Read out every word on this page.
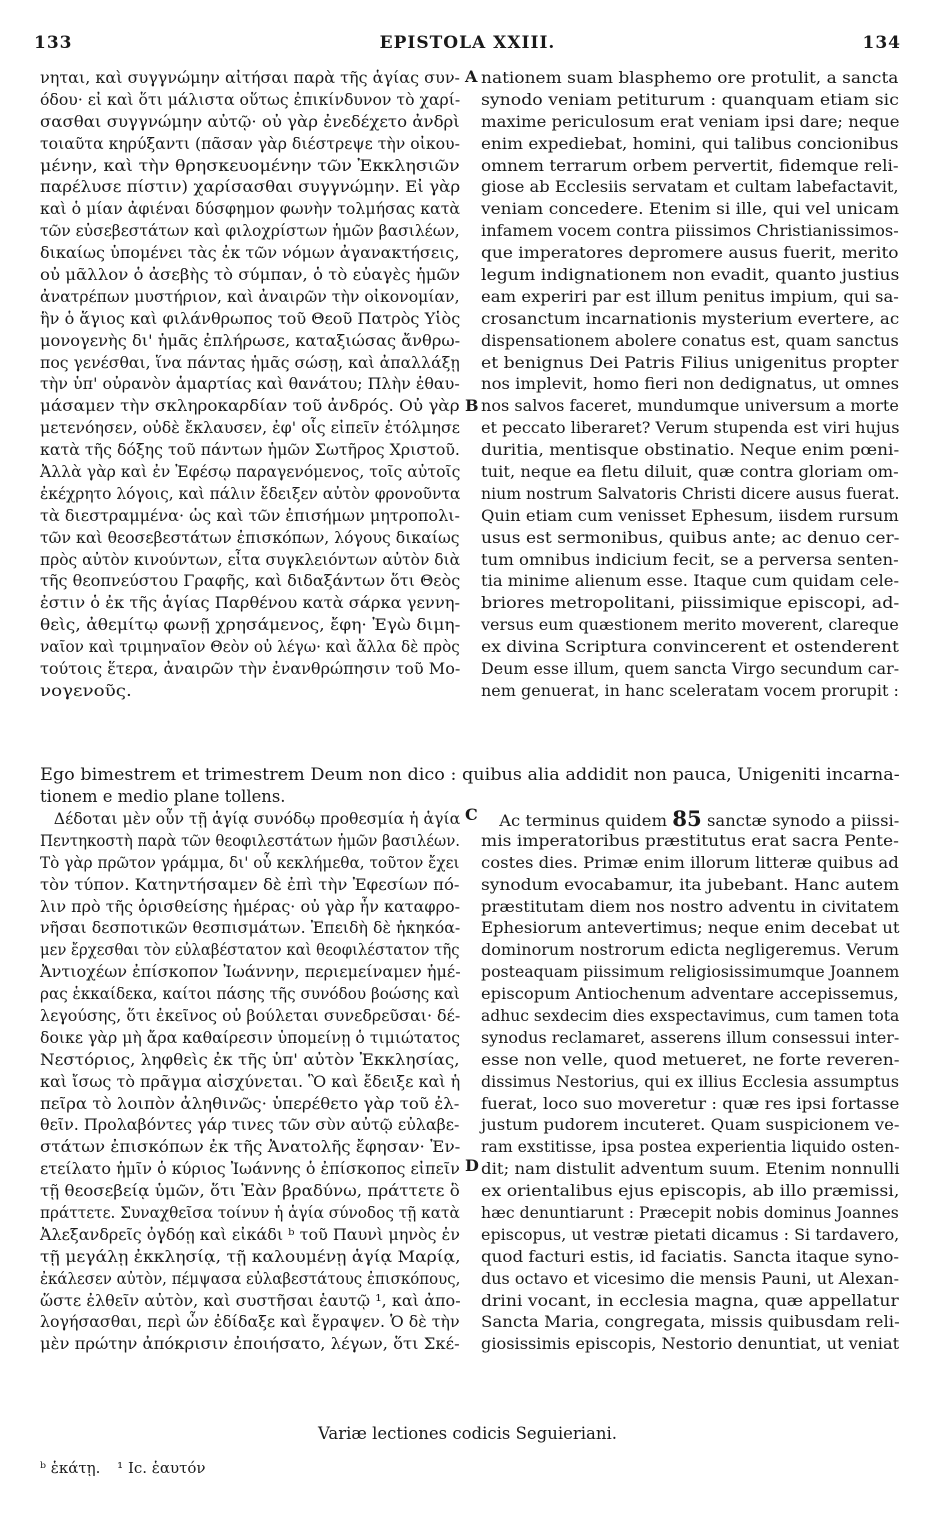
133	EPISTOLA XXIII.	134
νηται, καὶ συγγνώμην αἰτήσαι παρὰ τῆς ἁγίας συν-
όδου· εἰ καὶ ὅτι μάλιστα οὕτως ἐπικίνδυνον τὸ χαρί-
σασθαι συγγνώμην αὐτῷ· οὐ γὰρ ἐνεδέχετο ἀνδρὶ
τοιαῦτα κηρύξαντι (πᾶσαν γὰρ διέστρεψε τὴν οἰκου-
μένην, καὶ τὴν θρησκευομένην τῶν Ἐκκλησιῶν
παρέλυσε πίστιν) χαρίσασθαι συγγνώμην. Εἰ γὰρ
καὶ ὁ μίαν ἀφιέναι δύσφημον φωνὴν τολμήσας κατὰ
τῶν εὐσεβεστάτων καὶ φιλοχρίστων ἡμῶν βασιλέων,
δικαίως ὑπομένει τὰς ἐκ τῶν νόμων ἀγανακτήσεις,
οὐ μᾶλλον ὁ ἀσεβὴς τὸ σύμπαν, ὁ τὸ εὐαγὲς ἡμῶν
ἀνατρέπων μυστήριον, καὶ ἀναιρῶν τὴν οἰκονομίαν,
ἣν ὁ ἅγιος καὶ φιλάνθρωπος τοῦ Θεοῦ Πατρὸς Υἱὸς
μονογενὴς δι' ἡμᾶς ἐπλήρωσε, καταξιώσας ἄνθρω-
πος γενέσθαι, ἵνα πάντας ἡμᾶς σώσῃ, καὶ ἀπαλλάξῃ
τὴν ὑπ' οὐρανὸν ἁμαρτίας καὶ θανάτου; Πλὴν ἐθαυ-
μάσαμεν τὴν σκληροκαρδίαν τοῦ ἀνδρός. Οὐ γὰρ
μετενόησεν, οὐδὲ ἔκλαυσεν, ἐφ' οἷς εἰπεῖν ἐτόλμησε
κατὰ τῆς δόξης τοῦ πάντων ἡμῶν Σωτῆρος Χριστοῦ.
Ἀλλὰ γὰρ καὶ ἐν Ἐφέσῳ παραγενόμενος, τοῖς αὐτοῖς
ἐκέχρητο λόγοις, καὶ πάλιν ἔδειξεν αὐτὸν φρονοῦντα
τὰ διεστραμμένα· ὡς καὶ τῶν ἐπισήμων μητροπολι-
τῶν καὶ θεοσεβεστάτων ἐπισκόπων, λόγους δικαίως
πρὸς αὐτὸν κινούντων, εἶτα συγκλειόντων αὐτὸν διὰ
τῆς θεοπνεύστου Γραφῆς, καὶ διδαξάντων ὅτι Θεὸς
ἐστιν ὁ ἐκ τῆς ἁγίας Παρθένου κατὰ σάρκα γεννη-
θεὶς, ἀθεμίτῳ φωνῇ χρησάμενος, ἔφη· Ἐγὼ διμη-
ναῖον καὶ τριμηναῖον Θεὸν οὐ λέγω· καὶ ἄλλα δὲ πρὸς
τούτοις ἕτερα, ἀναιρῶν τὴν ἐνανθρώπησιν τοῦ Μο-
νογενοῦς.
nationem suam blasphemo ore protulit, a sancta
synodo veniam petiturum : quanquam etiam sic
maxime periculosum erat veniam ipsi dare; neque
enim expediebat, homini, qui talibus concionibus
omnem terrarum orbem pervertit, fidemque reli-
giose ab Ecclesiis servatam et cultam labefactavit,
veniam concedere. Etenim si ille, qui vel unicam
infamem vocem contra piissimos Christianissimos-
que imperatores depromere ausus fuerit, merito
legum indignationem non evadit, quanto justius
eam experiri par est illum penitus impium, qui sa-
crosanctum incarnationis mysterium evertere, ac
dispensationem abolere conatus est, quam sanctus
et benignus Dei Patris Filius unigenitus propter
nos implevit, homo fieri non dedignatus, ut omnes
nos salvos faceret, mundumque universum a morte
et peccato liberaret? Verum stupenda est viri hujus
duritia, mentisque obstinatio. Neque enim pœni-
tuit, neque ea fletu diluit, quæ contra gloriam om-
nium nostrum Salvatoris Christi dicere ausus fuerat.
Quin etiam cum venisset Ephesum, iisdem rursum
usus est sermonibus, quibus ante; ac denuo cer-
tum omnibus indicium fecit, se a perversa senten-
tia minime alienum esse. Itaque cum quidam cele-
briores metropolitani, piissimique episcopi, ad-
versus eum quæstionem merito moverent, clareque
ex divina Scriptura convincerent et ostenderent
Deum esse illum, quem sancta Virgo secundum car-
nem genuerat, in hanc sceleratam vocem prorupit :
A
B
C
D
Ego bimestrem et trimestrem Deum non dico : quibus alia addidit non pauca, Unigeniti incarna-
tionem e medio plane tollens.
Δέδοται μὲν οὖν τῇ ἁγίᾳ συνόδῳ προθεσμία ἡ ἁγία
Πεντηκοστὴ παρὰ τῶν θεοφιλεστάτων ἡμῶν βασιλέων.
Τὸ γὰρ πρῶτον γράμμα, δι' οὗ κεκλήμεθα, τοῦτον ἔχει
τὸν τύπον. Κατηντήσαμεν δὲ ἐπὶ τὴν Ἐφεσίων πό-
λιν πρὸ τῆς ὁρισθείσης ἡμέρας· οὐ γὰρ ἦν καταφρο-
νῆσαι δεσποτικῶν θεσπισμάτων. Ἐπειδὴ δὲ ἠκηκόα-
μεν ἔρχεσθαι τὸν εὐλαβέστατον καὶ θεοφιλέστατον τῆς
Ἀντιοχέων ἐπίσκοπον Ἰωάννην, περιεμείναμεν ἡμέ-
ρας ἑκκαίδεκα, καίτοι πάσης τῆς συνόδου βοώσης καὶ
λεγούσης, ὅτι ἐκεῖνος οὐ βούλεται συνεδρεῦσαι· δέ-
δοικε γὰρ μὴ ἄρα καθαίρεσιν ὑπομείνῃ ὁ τιμιώτατος
Νεστόριος, ληφθεὶς ἐκ τῆς ὑπ' αὐτὸν Ἐκκλησίας,
καὶ ἴσως τὸ πρᾶγμα αἰσχύνεται. Ὃ καὶ ἔδειξε καὶ ἡ
πεῖρα τὸ λοιπὸν ἀληθινῶς· ὑπερέθετο γὰρ τοῦ ἐλ-
θεῖν. Προλαβόντες γάρ τινες τῶν σὺν αὐτῷ εὐλαβε-
στάτων ἐπισκόπων ἐκ τῆς Ἀνατολῆς ἔφησαν· Ἐν-
ετείλατο ἡμῖν ὁ κύριος Ἰωάννης ὁ ἐπίσκοπος εἰπεῖν
τῇ θεοσεβείᾳ ὑμῶν, ὅτι Ἐὰν βραδύνω, πράττετε ὃ
πράττετε. Συναχθεῖσα τοίνυν ἡ ἁγία σύνοδος τῇ κατὰ
Ἀλεξανδρεῖς ὀγδόῃ καὶ εἰκάδι ᵇ τοῦ Παυνὶ μηνὸς ἐν
τῇ μεγάλῃ ἐκκλησίᾳ, τῇ καλουμένῃ ἁγίᾳ Μαρίᾳ,
ἐκάλεσεν αὐτὸν, πέμψασα εὐλαβεστάτους ἐπισκόπους,
ὥστε ἐλθεῖν αὐτὸν, καὶ συστῆσαι ἑαυτῷ ¹, καὶ ἀπο-
λογήσασθαι, περὶ ὧν ἐδίδαξε καὶ ἔγραψεν. Ὁ δὲ τὴν
μὲν πρώτην ἀπόκρισιν ἐποιήσατο, λέγων, ὅτι Σκέ-
Ac terminus quidem 85 sanctæ synodo a piissi-
mis imperatoribus præstitutus erat sacra Pente-
costes dies. Primæ enim illorum litteræ quibus ad
synodum evocabamur, ita jubebant. Hanc autem
præstitutam diem nos nostro adventu in civitatem
Ephesiorum antevertimus; neque enim decebat ut
dominorum nostrorum edicta negligeremus. Verum
posteaquam piissimum religiosissimumque Joannem
episcopum Antiochenum adventare accepissemus,
adhuc sexdecim dies exspectavimus, cum tamen tota
synodus reclamaret, asserens illum consessui inter-
esse non velle, quod metueret, ne forte reveren-
dissimus Nestorius, qui ex illius Ecclesia assumptus
fuerat, loco suo moveretur : quæ res ipsi fortasse
justum pudorem incuteret. Quam suspicionem ve-
ram exstitisse, ipsa postea experientia liquido osten-
dit; nam distulit adventum suum. Etenim nonnulli
ex orientalibus ejus episcopis, ab illo præmissi,
hæc denuntiarunt : Præcepit nobis dominus Joannes
episcopus, ut vestræ pietati dicamus : Si tardavero,
quod facturi estis, id faciatis. Sancta itaque syno-
dus octavo et vicesimo die mensis Pauni, ut Alexan-
drini vocant, in ecclesia magna, quæ appellatur
Sancta Maria, congregata, missis quibusdam reli-
giosissimis episcopis, Nestorio denuntiat, ut veniat
Variæ lectiones codicis Seguieriani.
ᵇ ἑκάτῃ. ¹ Ic. ἑαυτόν
